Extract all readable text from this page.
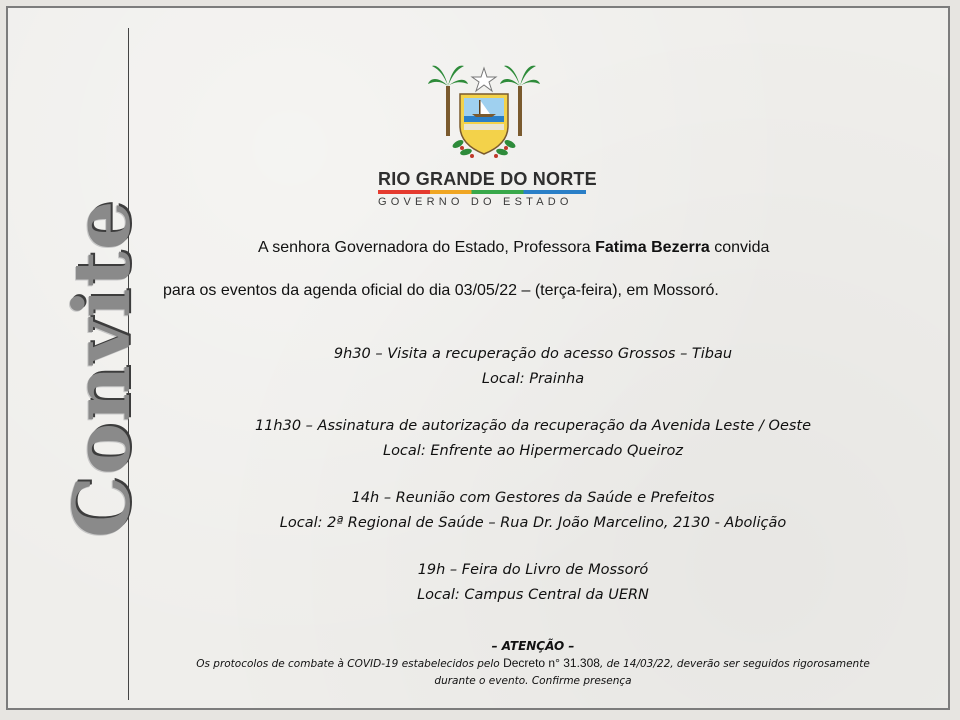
Convite
RIO GRANDE DO NORTE
GOVERNO DO ESTADO
A senhora Governadora do Estado, Professora Fatima Bezerra convida
para os eventos da agenda oficial do dia 03/05/22 – (terça-feira), em Mossoró.
9h30 – Visita a recuperação do acesso Grossos – Tibau
Local: Prainha
11h30 – Assinatura de autorização da recuperação da Avenida Leste / Oeste
Local: Enfrente ao Hipermercado Queiroz
14h – Reunião com Gestores da Saúde e Prefeitos
Local: 2ª Regional de Saúde – Rua Dr. João Marcelino, 2130 - Abolição
19h – Feira do Livro de Mossoró
Local: Campus Central da UERN
– ATENÇÃO –
Os protocolos de combate à COVID-19 estabelecidos pelo Decreto n° 31.308, de 14/03/22, deverão ser seguidos rigorosamente
durante o evento. Confirme presença
